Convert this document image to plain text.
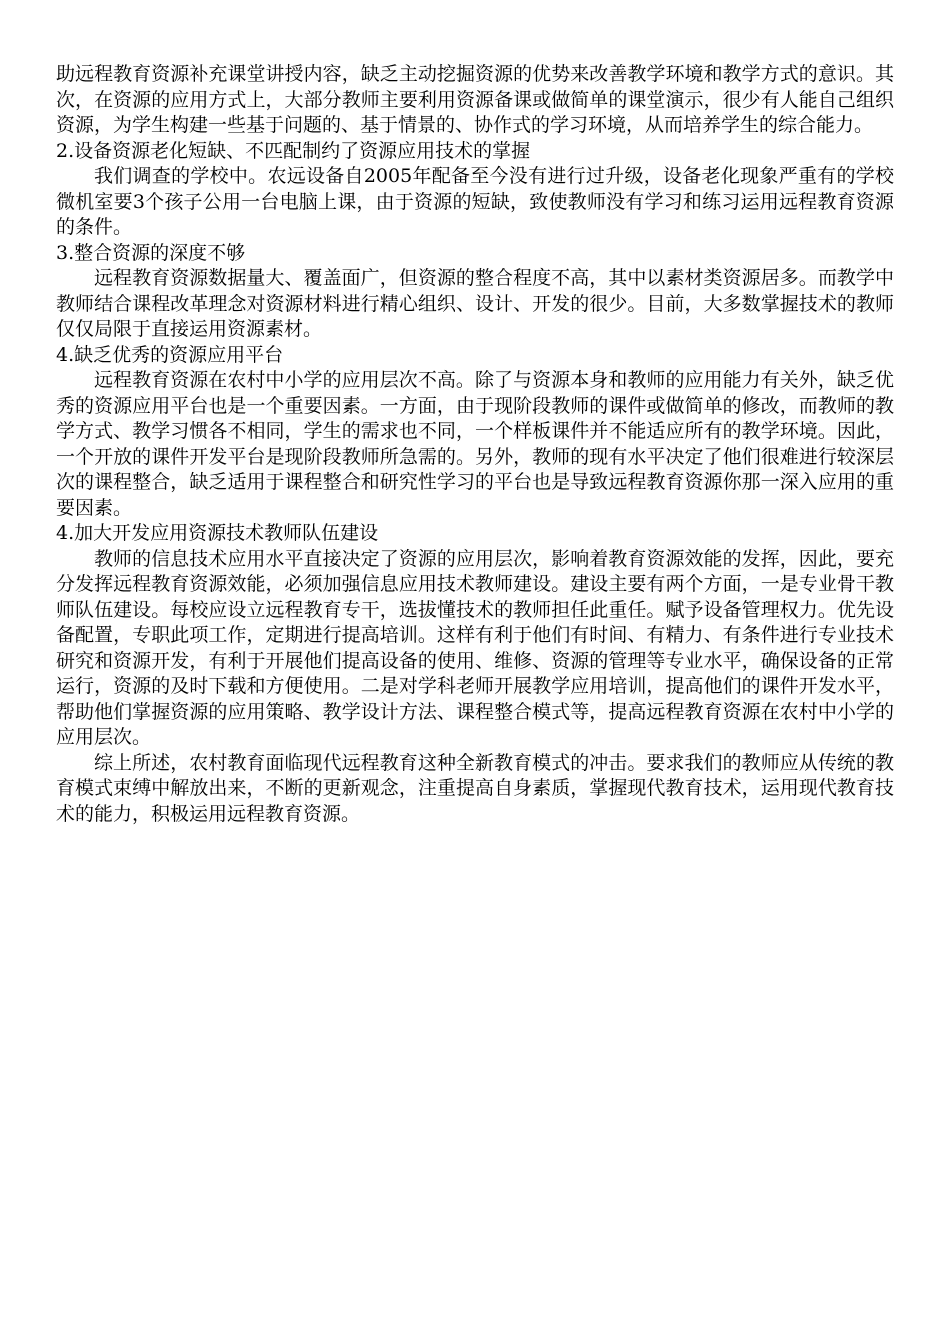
助远程教育资源补充课堂讲授内容，缺乏主动挖掘资源的优势来改善教学环境和教学方式的意识。其次，在资源的应用方式上，大部分教师主要利用资源备课或做简单的课堂演示，很少有人能自己组织资源，为学生构建一些基于问题的、基于情景的、协作式的学习环境，从而培养学生的综合能力。

2.设备资源老化短缺、不匹配制约了资源应用技术的掌握

我们调查的学校中。农远设备自2005年配备至今没有进行过升级，设备老化现象严重有的学校微机室要3个孩子公用一台电脑上课，由于资源的短缺，致使教师没有学习和练习运用远程教育资源的条件。

3.整合资源的深度不够

远程教育资源数据量大、覆盖面广，但资源的整合程度不高，其中以素材类资源居多。而教学中教师结合课程改革理念对资源材料进行精心组织、设计、开发的很少。目前，大多数掌握技术的教师仅仅局限于直接运用资源素材。

4.缺乏优秀的资源应用平台

远程教育资源在农村中小学的应用层次不高。除了与资源本身和教师的应用能力有关外，缺乏优秀的资源应用平台也是一个重要因素。一方面，由于现阶段教师的课件或做简单的修改，而教师的教学方式、教学习惯各不相同，学生的需求也不同，一个样板课件并不能适应所有的教学环境。因此，一个开放的课件开发平台是现阶段教师所急需的。另外，教师的现有水平决定了他们很难进行较深层次的课程整合，缺乏适用于课程整合和研究性学习的平台也是导致远程教育资源你那一深入应用的重要因素。

4.加大开发应用资源技术教师队伍建设

教师的信息技术应用水平直接决定了资源的应用层次，影响着教育资源效能的发挥，因此，要充分发挥远程教育资源效能，必须加强信息应用技术教师建设。建设主要有两个方面，一是专业骨干教师队伍建设。每校应设立远程教育专干，选拔懂技术的教师担任此重任。赋予设备管理权力。优先设备配置，专职此项工作，定期进行提高培训。这样有利于他们有时间、有精力、有条件进行专业技术研究和资源开发，有利于开展他们提高设备的使用、维修、资源的管理等专业水平，确保设备的正常运行，资源的及时下载和方便使用。二是对学科老师开展教学应用培训，提高他们的课件开发水平，帮助他们掌握资源的应用策略、教学设计方法、课程整合模式等，提高远程教育资源在农村中小学的应用层次。

综上所述，农村教育面临现代远程教育这种全新教育模式的冲击。要求我们的教师应从传统的教育模式束缚中解放出来，不断的更新观念，注重提高自身素质，掌握现代教育技术，运用现代教育技术的能力，积极运用远程教育资源。
